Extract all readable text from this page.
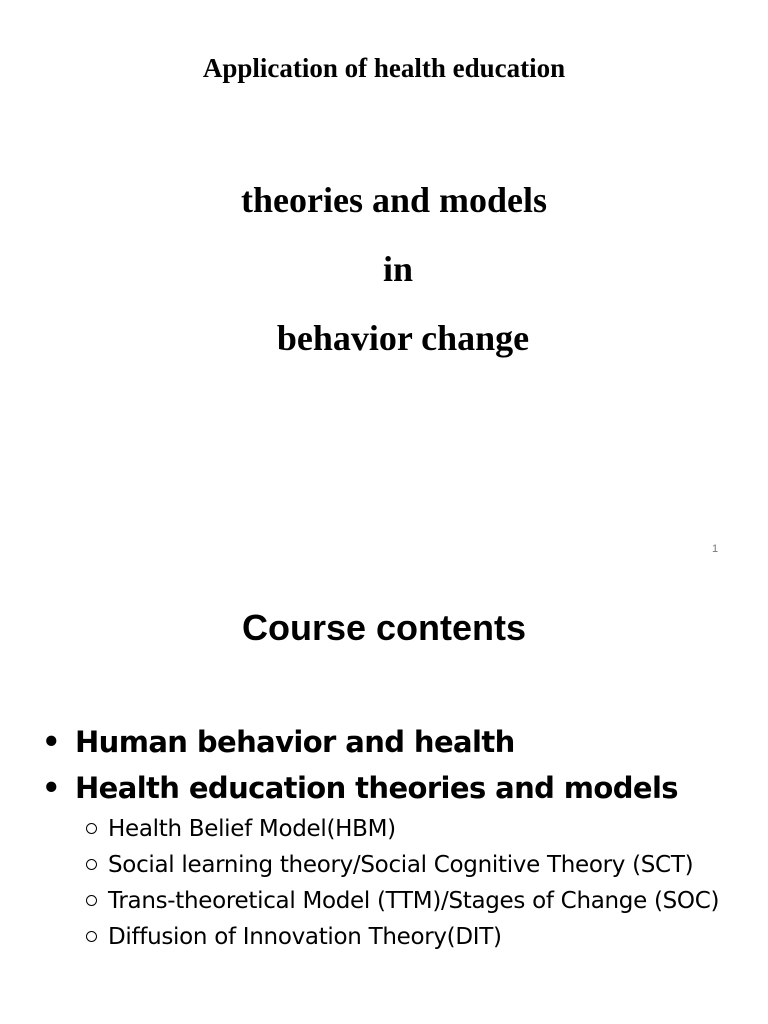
Application of health education
theories and models
in
behavior change
1
Course contents
• Human behavior and health
• Health education theories and models
Health Belief Model(HBM)
Social learning theory/Social Cognitive Theory (SCT)
Trans-theoretical Model (TTM)/Stages of Change (SOC)
Diffusion of Innovation Theory(DIT)
